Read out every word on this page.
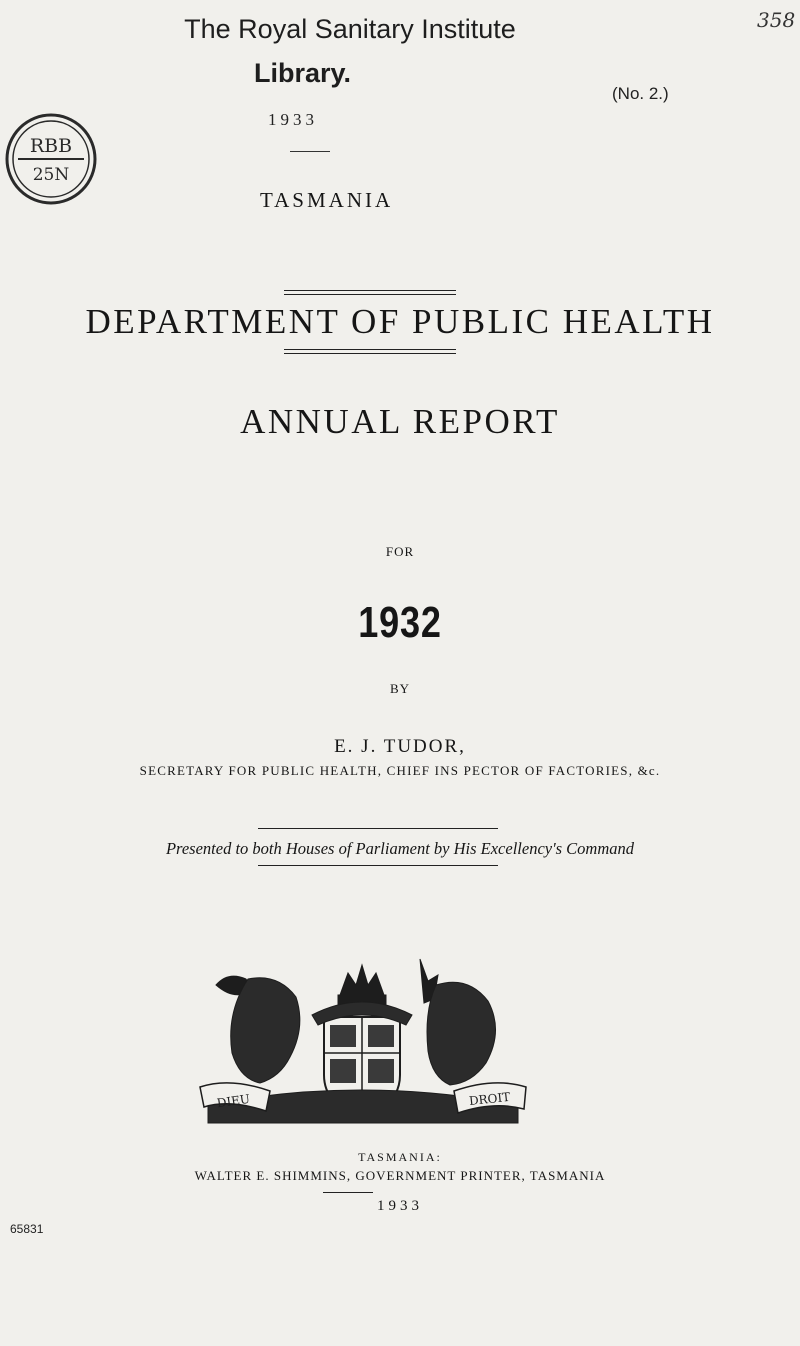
The Royal Sanitary Institute
Library.
1933
RBB
25N
(No. 2.)
358
TASMANIA
DEPARTMENT OF PUBLIC HEALTH
ANNUAL REPORT
FOR
1932
BY
E. J. TUDOR,
SECRETARY FOR PUBLIC HEALTH, CHIEF INS PECTOR OF FACTORIES, &c.
Presented to both Houses of Parliament by His Excellency's Command
DIEU	DROIT
TASMANIA:
WALTER E. SHIMMINS, GOVERNMENT PRINTER, TASMANIA
1933
65831
